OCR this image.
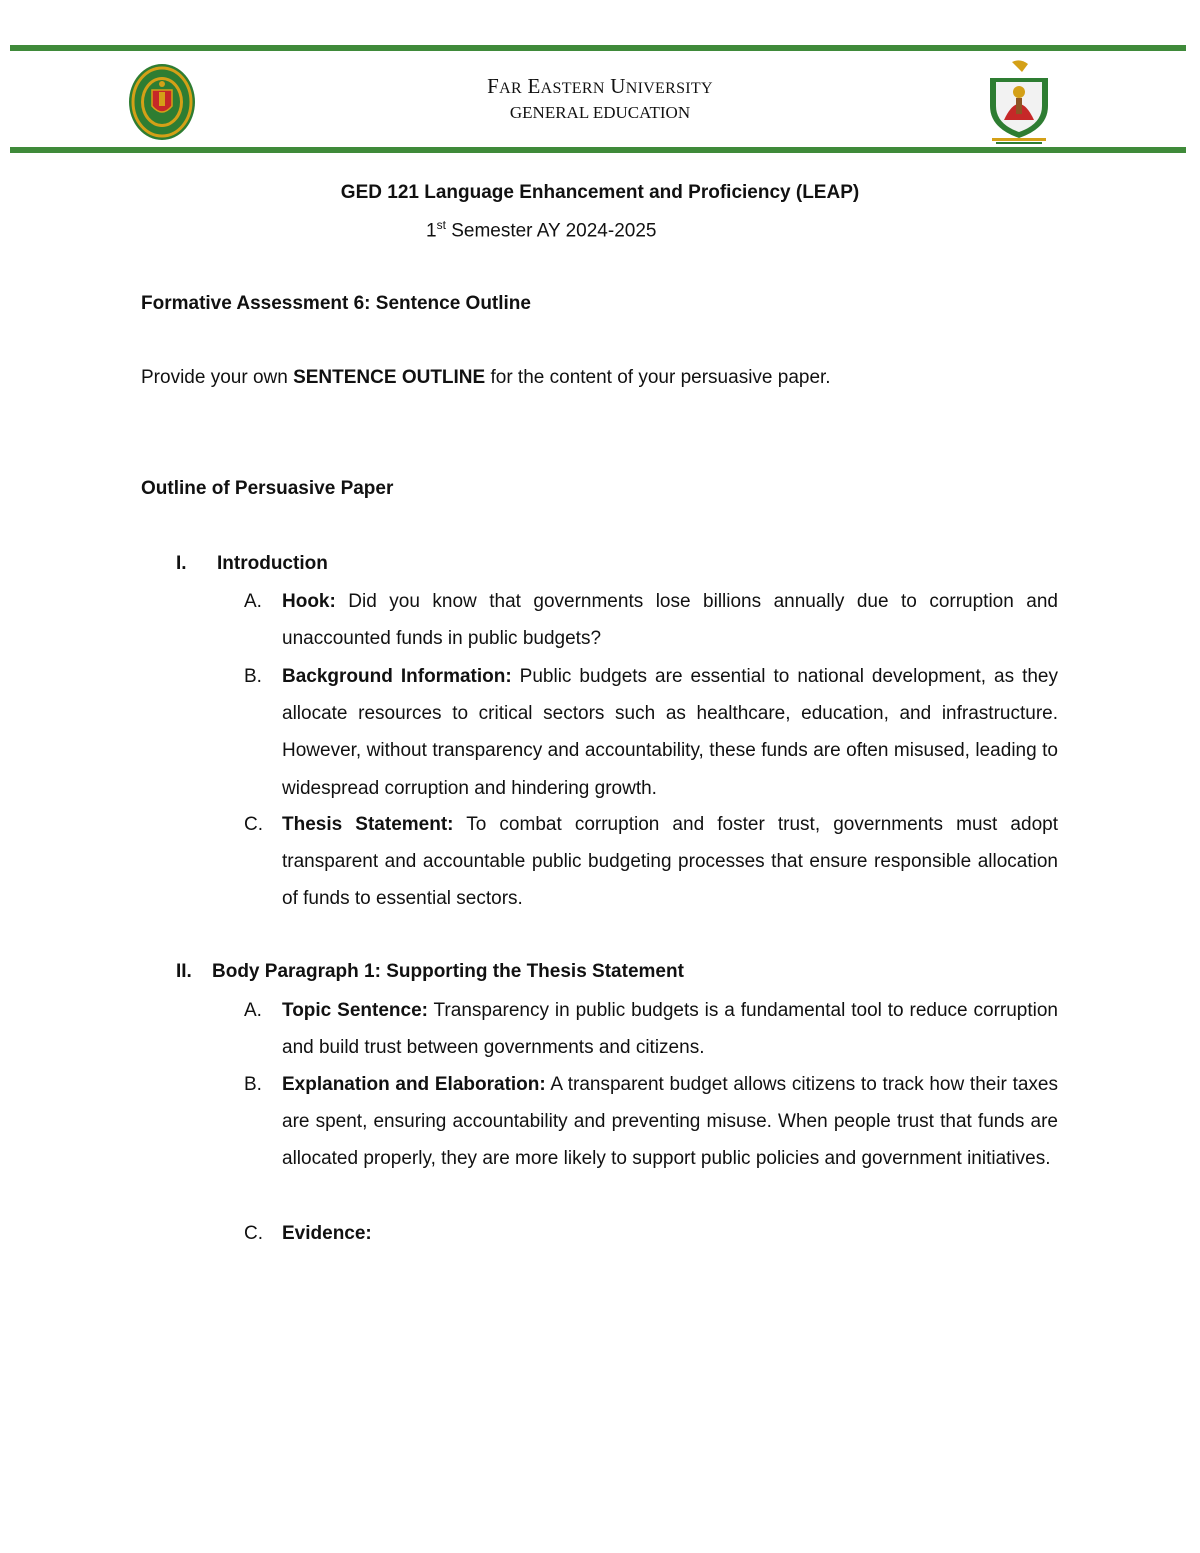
FAR EASTERN UNIVERSITY
GENERAL EDUCATION
GED 121 Language Enhancement and Proficiency (LEAP)
1st Semester AY 2024-2025
Formative Assessment 6: Sentence Outline
Provide your own SENTENCE OUTLINE for the content of your persuasive paper.
Outline of Persuasive Paper
I. Introduction
A.	Hook: Did you know that governments lose billions annually due to corruption and unaccounted funds in public budgets?
B.	Background Information: Public budgets are essential to national development, as they allocate resources to critical sectors such as healthcare, education, and infrastructure. However, without transparency and accountability, these funds are often misused, leading to widespread corruption and hindering growth.
C.	Thesis Statement: To combat corruption and foster trust, governments must adopt transparent and accountable public budgeting processes that ensure responsible allocation of funds to essential sectors.
II. Body Paragraph 1: Supporting the Thesis Statement
A.	Topic Sentence: Transparency in public budgets is a fundamental tool to reduce corruption and build trust between governments and citizens.
B.	Explanation and Elaboration: A transparent budget allows citizens to track how their taxes are spent, ensuring accountability and preventing misuse. When people trust that funds are allocated properly, they are more likely to support public policies and government initiatives.
C.	Evidence:
